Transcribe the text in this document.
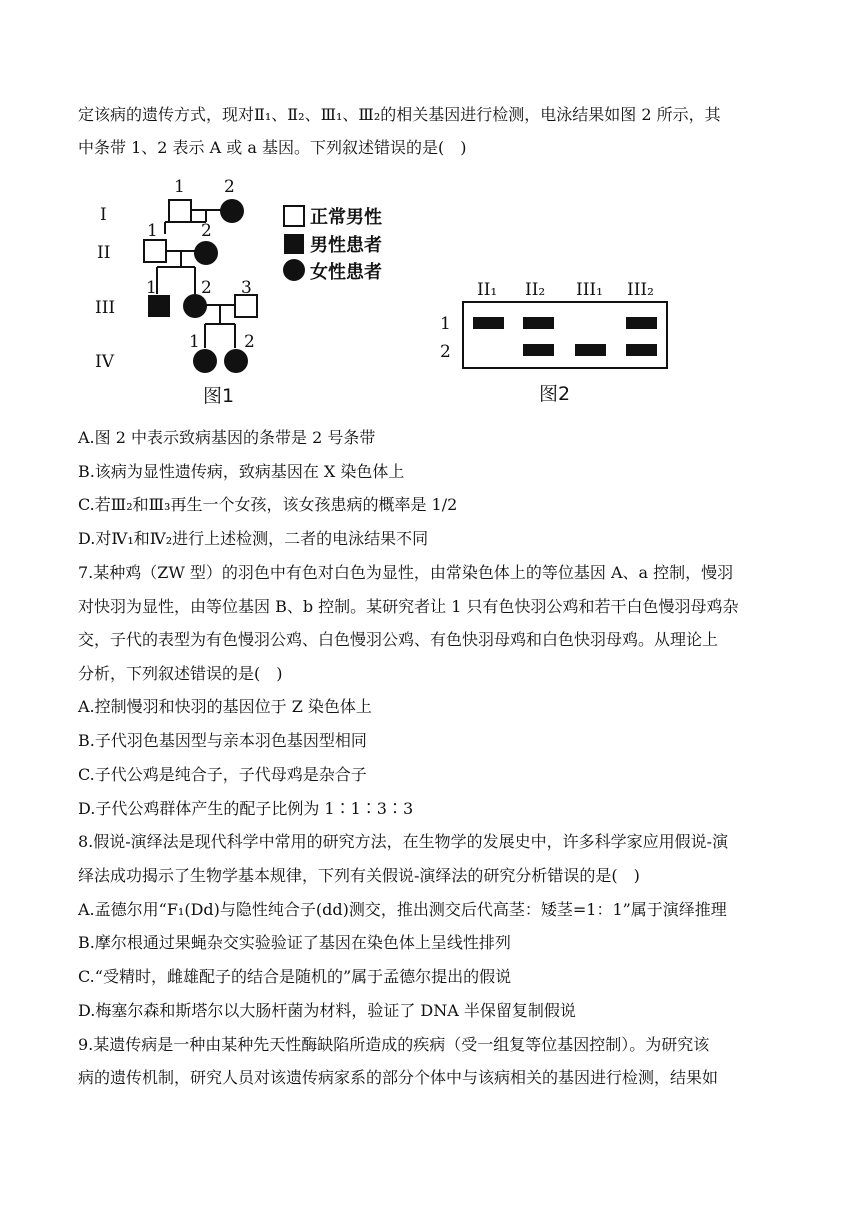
定该病的遗传方式，现对Ⅱ₁、Ⅱ₂、Ⅲ₁、Ⅲ₂的相关基因进行检测，电泳结果如图 2 所示，其
中条带 1、2 表示 A 或 a 基因。下列叙述错误的是(　)
I
II
III
IV
1 2
1	2
1	2 3
1	2
正常男性
男性患者
女性患者
图1
II₁ II₂ III₁ III₂
1
2
图2
A.图 2 中表示致病基因的条带是 2 号条带
B.该病为显性遗传病，致病基因在 X 染色体上
C.若Ⅲ₂和Ⅲ₃再生一个女孩，该女孩患病的概率是 1/2
D.对Ⅳ₁和Ⅳ₂进行上述检测，二者的电泳结果不同
7.某种鸡（ZW 型）的羽色中有色对白色为显性，由常染色体上的等位基因 A、a 控制，慢羽
对快羽为显性，由等位基因 B、b 控制。某研究者让 1 只有色快羽公鸡和若干白色慢羽母鸡杂
交，子代的表型为有色慢羽公鸡、白色慢羽公鸡、有色快羽母鸡和白色快羽母鸡。从理论上
分析，下列叙述错误的是(　)
A.控制慢羽和快羽的基因位于 Z 染色体上
B.子代羽色基因型与亲本羽色基因型相同
C.子代公鸡是纯合子，子代母鸡是杂合子
D.子代公鸡群体产生的配子比例为 1∶1∶3∶3
8.假说-演绎法是现代科学中常用的研究方法，在生物学的发展史中，许多科学家应用假说-演
绎法成功揭示了生物学基本规律，下列有关假说-演绎法的研究分析错误的是(　)
A.孟德尔用“F₁(Dd)与隐性纯合子(dd)测交，推出测交后代高茎：矮茎=1：1”属于演绎推理
B.摩尔根通过果蝇杂交实验验证了基因在染色体上呈线性排列
C.“受精时，雌雄配子的结合是随机的”属于孟德尔提出的假说
D.梅塞尔森和斯塔尔以大肠杆菌为材料，验证了 DNA 半保留复制假说
9.某遗传病是一种由某种先天性酶缺陷所造成的疾病（受一组复等位基因控制）。为研究该
病的遗传机制，研究人员对该遗传病家系的部分个体中与该病相关的基因进行检测，结果如
